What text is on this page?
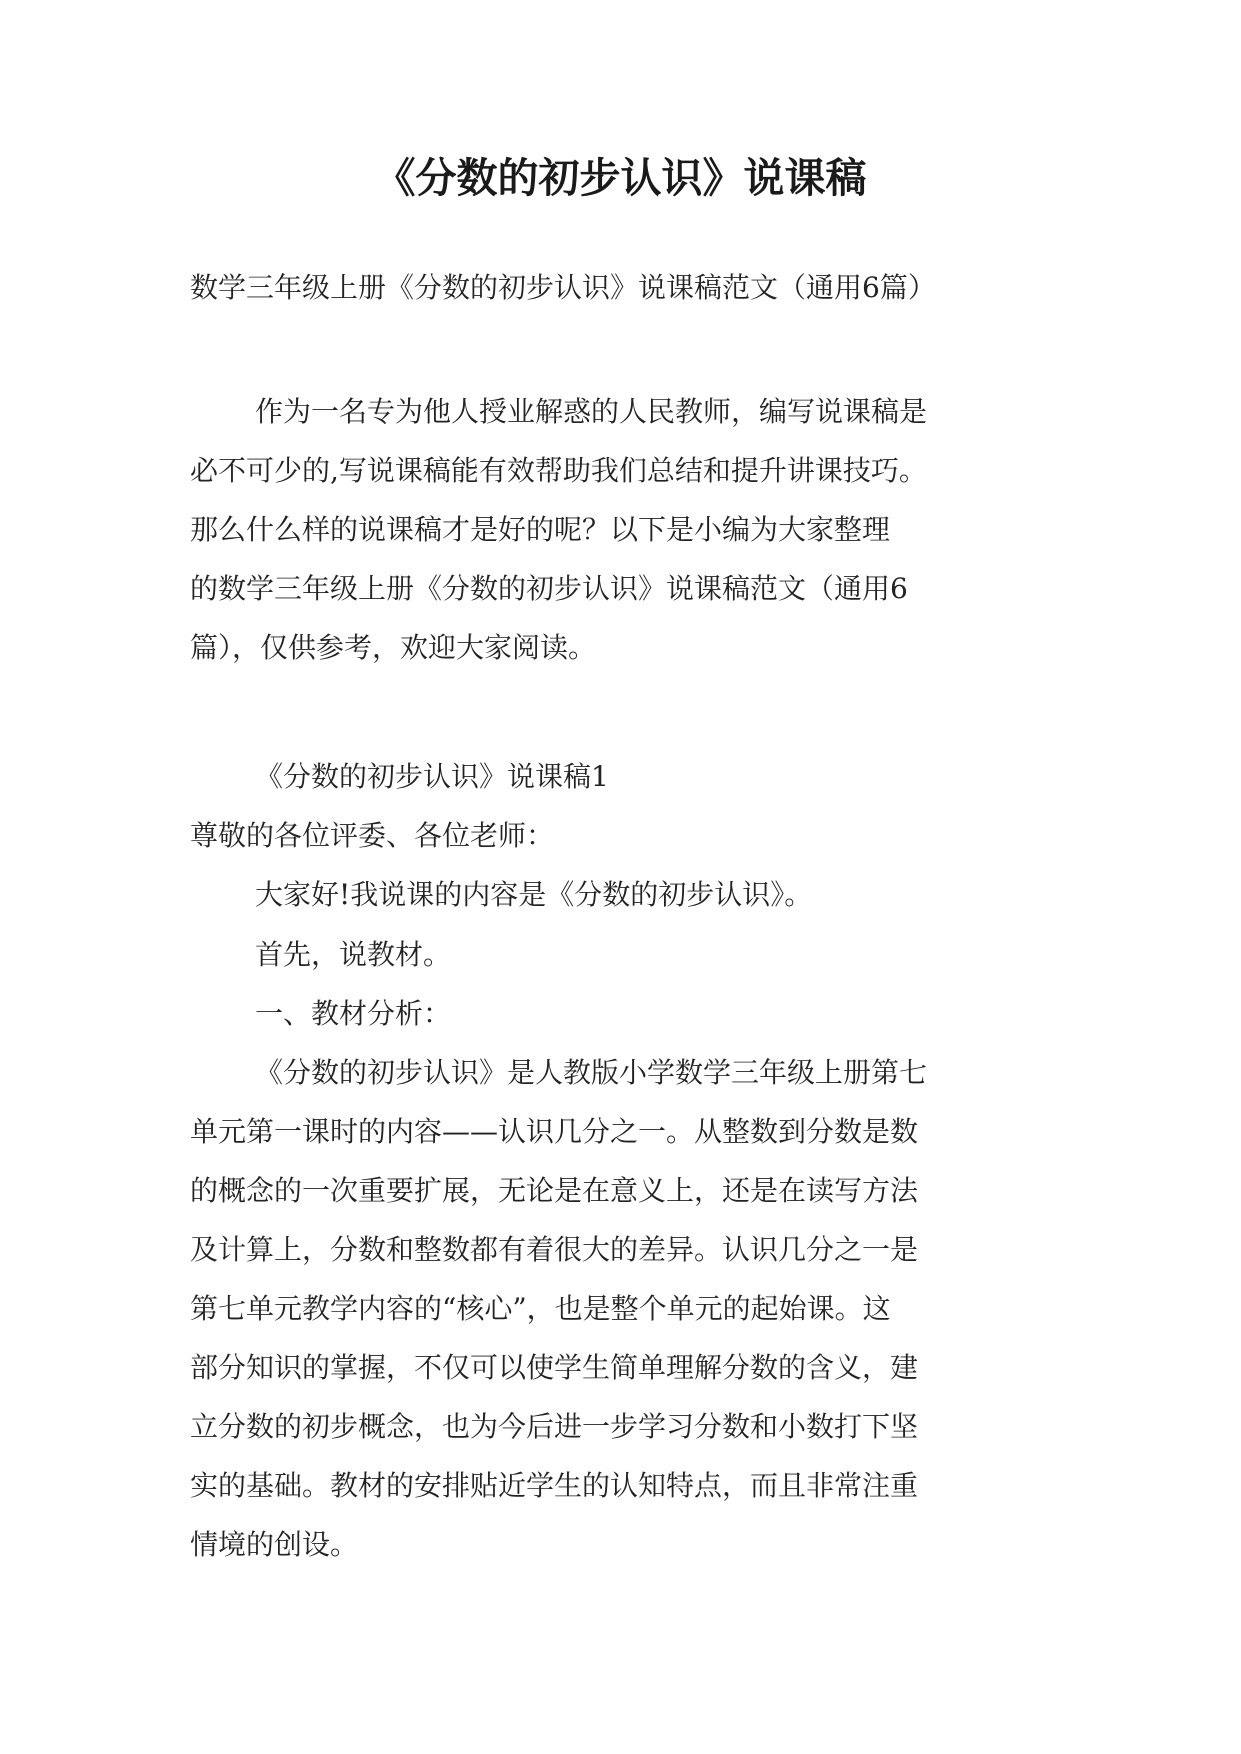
《分数的初步认识》说课稿
数学三年级上册《分数的初步认识》说课稿范文（通用6篇）
作为一名专为他人授业解惑的人民教师，编写说课稿是
必不可少的,写说课稿能有效帮助我们总结和提升讲课技巧。
那么什么样的说课稿才是好的呢？以下是小编为大家整理
的数学三年级上册《分数的初步认识》说课稿范文（通用6
篇），仅供参考，欢迎大家阅读。
《分数的初步认识》说课稿1
尊敬的各位评委、各位老师：
大家好!我说课的内容是《分数的初步认识》。
首先，说教材。
一、教材分析：
《分数的初步认识》是人教版小学数学三年级上册第七
单元第一课时的内容——认识几分之一。从整数到分数是数
的概念的一次重要扩展，无论是在意义上，还是在读写方法
及计算上，分数和整数都有着很大的差异。认识几分之一是
第七单元教学内容的“核心”，也是整个单元的起始课。这
部分知识的掌握，不仅可以使学生简单理解分数的含义，建
立分数的初步概念，也为今后进一步学习分数和小数打下坚
实的基础。教材的安排贴近学生的认知特点，而且非常注重
情境的创设。
